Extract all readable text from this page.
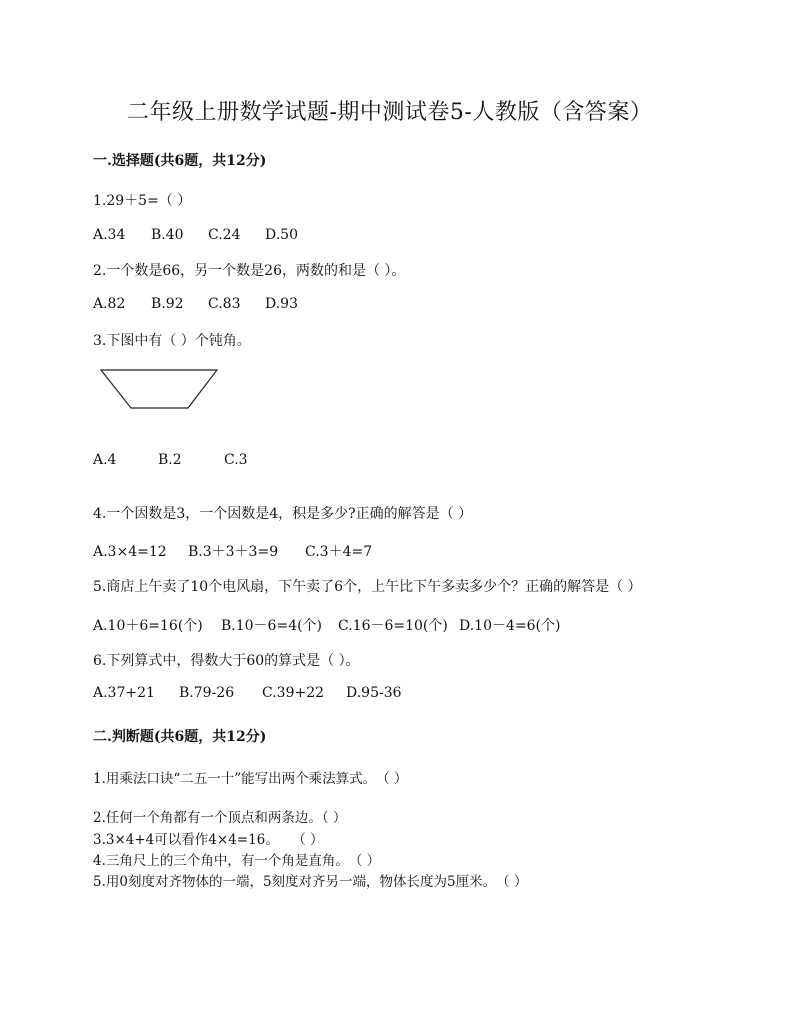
二年级上册数学试题-期中测试卷5-人教版（含答案）
一.选择题(共6题，共12分)
1.29＋5=（ ）
A.34 B.40 C.24 D.50
2.一个数是66，另一个数是26，两数的和是（ ）。
A.82 B.92 C.83 D.93
3.下图中有（ ）个钝角。
A.4	B.2	C.3
4.一个因数是3，一个因数是4，积是多少?正确的解答是（ ）
A.3×4=12 B.3＋3＋3=9 C.3＋4=7
5.商店上午卖了10个电风扇，下午卖了6个，上午比下午多卖多少个？正确的解答是（ ）
A.10＋6=16(个) B.10－6=4(个) C.16－6=10(个) D.10－4=6(个)
6.下列算式中，得数大于60的算式是（ ）。
A.37+21 B.79-26 C.39+22 D.95-36
二.判断题(共6题，共12分)
1.用乘法口诀“二五一十”能写出两个乘法算式。　（ ）
2.任何一个角都有一个顶点和两条边。（ ）
3.3×4+4可以看作4×4=16。　　（ ）
4.三角尺上的三个角中，有一个角是直角。　（ ）
5.用0刻度对齐物体的一端，5刻度对齐另一端，物体长度为5厘米。　（ ）
